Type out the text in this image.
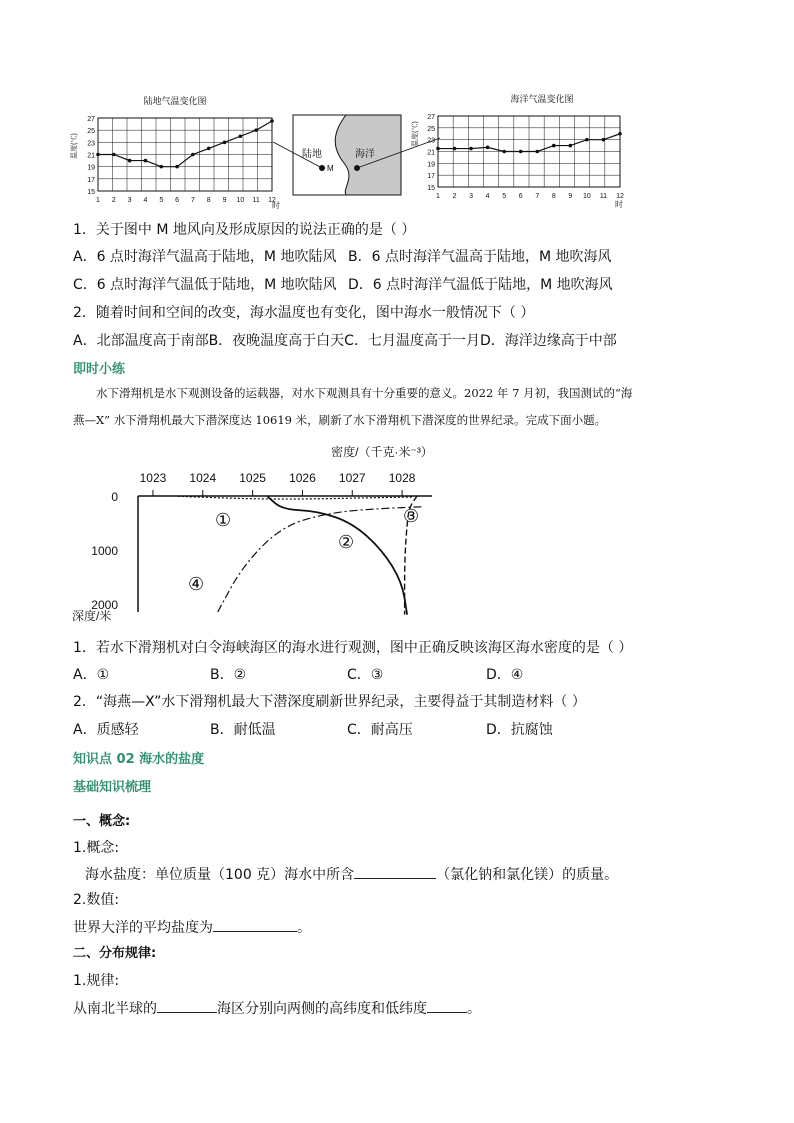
陆地气温变化图
温度(℃)
27
25
23
21
19
17
15
1 2 3 4 5 6 7 8 9 10 11 12
时
陆地	海洋
M
海洋气温变化图
温度(℃)
27
25
23
21
19
17
15
1 2 3 4 5 6 7 8 9 10 11 12
时
1．关于图中 M 地风向及形成原因的说法正确的是（ ）
A．6 点时海洋气温高于陆地，M 地吹陆风 B．6 点时海洋气温高于陆地，M 地吹海风
C．6 点时海洋气温低于陆地，M 地吹陆风 D．6 点时海洋气温低于陆地，M 地吹海风
2．随着时间和空间的改变，海水温度也有变化，图中海水一般情况下（ ）
A．北部温度高于南部B．夜晚温度高于白天C．七月温度高于一月D．海洋边缘高于中部
即时小练
水下滑翔机是水下观测设备的运载器，对水下观测具有十分重要的意义。2022 年 7 月初，我国测试的“海
燕—X” 水下滑翔机最大下潜深度达 10619 米，刷新了水下滑翔机下潜深度的世界纪录。完成下面小题。
密度/（千克·米⁻³）
1023 1024 1025 1026 1027 1028
0
1000
2000
深度/米
①
②
③
④
1．若水下滑翔机对白令海峡海区的海水进行观测，图中正确反映该海区海水密度的是（ ）
A．①	B．②	C．③	D．④
2．“海燕—X”水下滑翔机最大下潜深度刷新世界纪录，主要得益于其制造材料（ ）
A．质感轻	B．耐低温	C．耐高压	D．抗腐蚀
知识点 02 海水的盐度
基础知识梳理
一、概念:
1.概念:
海水盐度：单位质量（100 克）海水中所含	（氯化钠和氯化镁）的质量。
2.数值:
世界大洋的平均盐度为	。
二、分布规律:
1.规律:
从南北半球的	海区分别向两侧的高纬度和低纬度	。
